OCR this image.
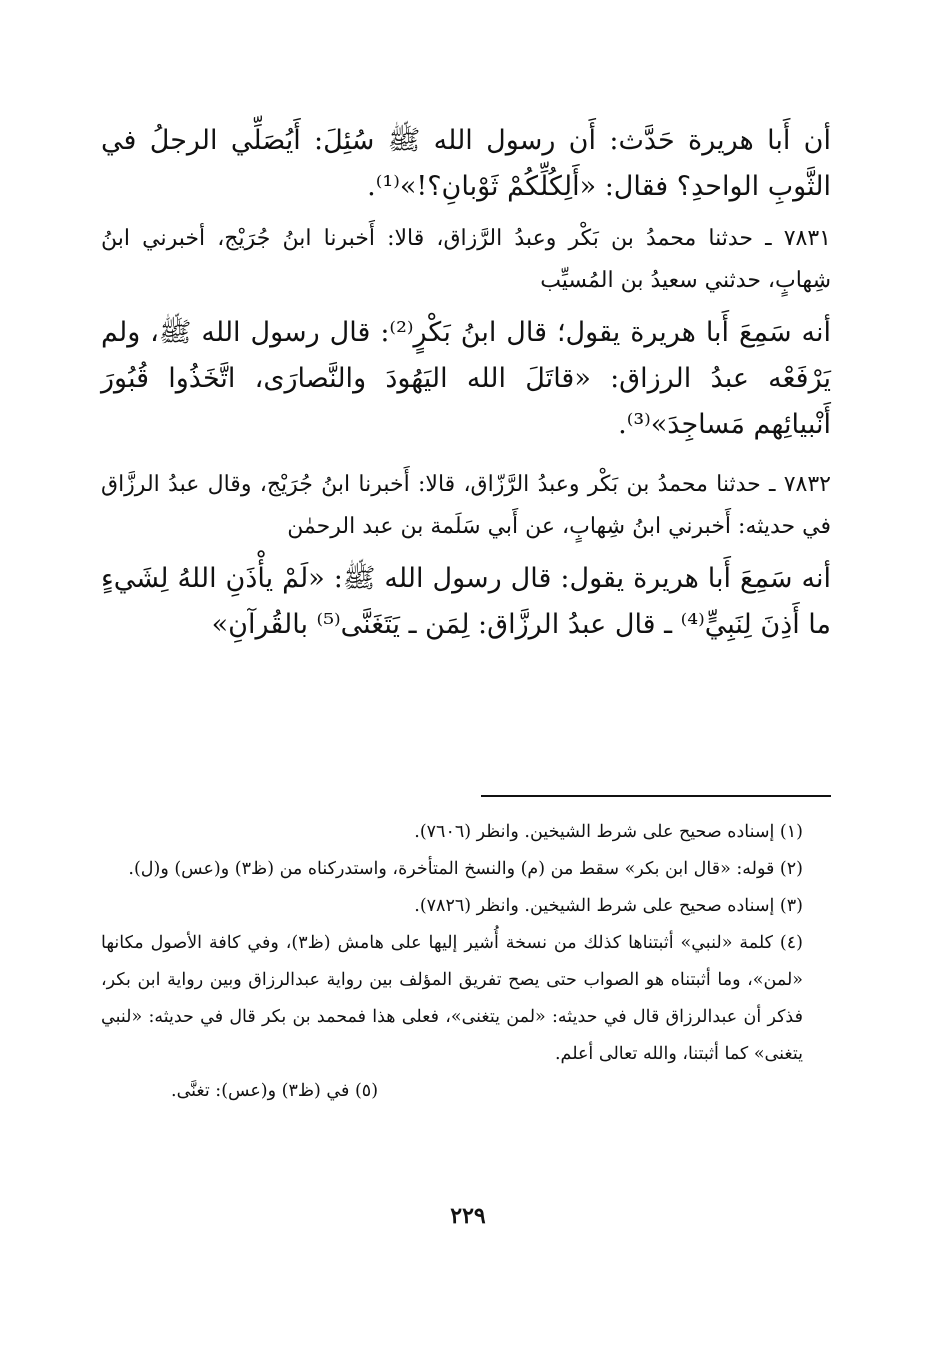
أن أَبا هريرة حَدَّث: أَن رسول الله ﷺ سُئِلَ: أَيُصَلِّي الرجلُ في الثَّوبِ الواحدِ؟ فقال: «أَلِكُلِّكُمْ ثَوْبانِ؟!»⁽¹⁾.

٧٨٣١ ـ حدثنا محمدُ بن بَكْر وعبدُ الرَّزاق، قالا: أَخبرنا ابنُ جُرَيْج، أخبرني ابنُ شِهابٍ، حدثني سعيدُ بن المُسيِّب

أنه سَمِعَ أَبا هريرة يقول؛ قال ابنُ بَكْرٍ⁽²⁾: قال رسول الله ﷺ، ولم يَرْفَعْه عبدُ الرزاق: «قاتَلَ الله اليَهُودَ والنَّصارَى، اتَّخَذُوا قُبُورَ أَنْبيائِهم مَساجِدَ»⁽³⁾.

٧٨٣٢ ـ حدثنا محمدُ بن بَكْر وعبدُ الرَّزّاق، قالا: أَخبرنا ابنُ جُرَيْج، وقال عبدُ الرزَّاق في حديثه: أَخبرني ابنُ شِهابٍ، عن أَبي سَلَمة بن عبد الرحمٰن

أنه سَمِعَ أَبا هريرة يقول: قال رسول الله ﷺ: «لَمْ يأْذَنِ اللهُ لِشَيءٍ ما أَذِنَ لِنَبِيٍّ⁽⁴⁾ ـ قال عبدُ الرزَّاق: لِمَن ـ يَتَغَنَّى⁽⁵⁾ بالقُرآنِ»

(١) إسناده صحيح على شرط الشيخين. وانظر (٧٦٠٦).

(٢) قوله: «قال ابن بكر» سقط من (م) والنسخ المتأخرة، واستدركناه من (ظ٣) و(عس) و(ل).

(٣) إسناده صحيح على شرط الشيخين. وانظر (٧٨٢٦).

(٤) كلمة «لنبي» أثبتناها كذلك من نسخة أُشير إليها على هامش (ظ٣)، وفي كافة الأصول مكانها «لمن»، وما أثبتناه هو الصواب حتى يصح تفريق المؤلف بين رواية عبدالرزاق وبين رواية ابن بكر، فذكر أن عبدالرزاق قال في حديثه: «لمن يتغنى»، فعلى هذا فمحمد بن بكر قال في حديثه: «لنبي يتغنى» كما أثبتنا، والله تعالى أعلم.

(٥) في (ظ٣) و(عس): تغنَّى.
٢٢٩
